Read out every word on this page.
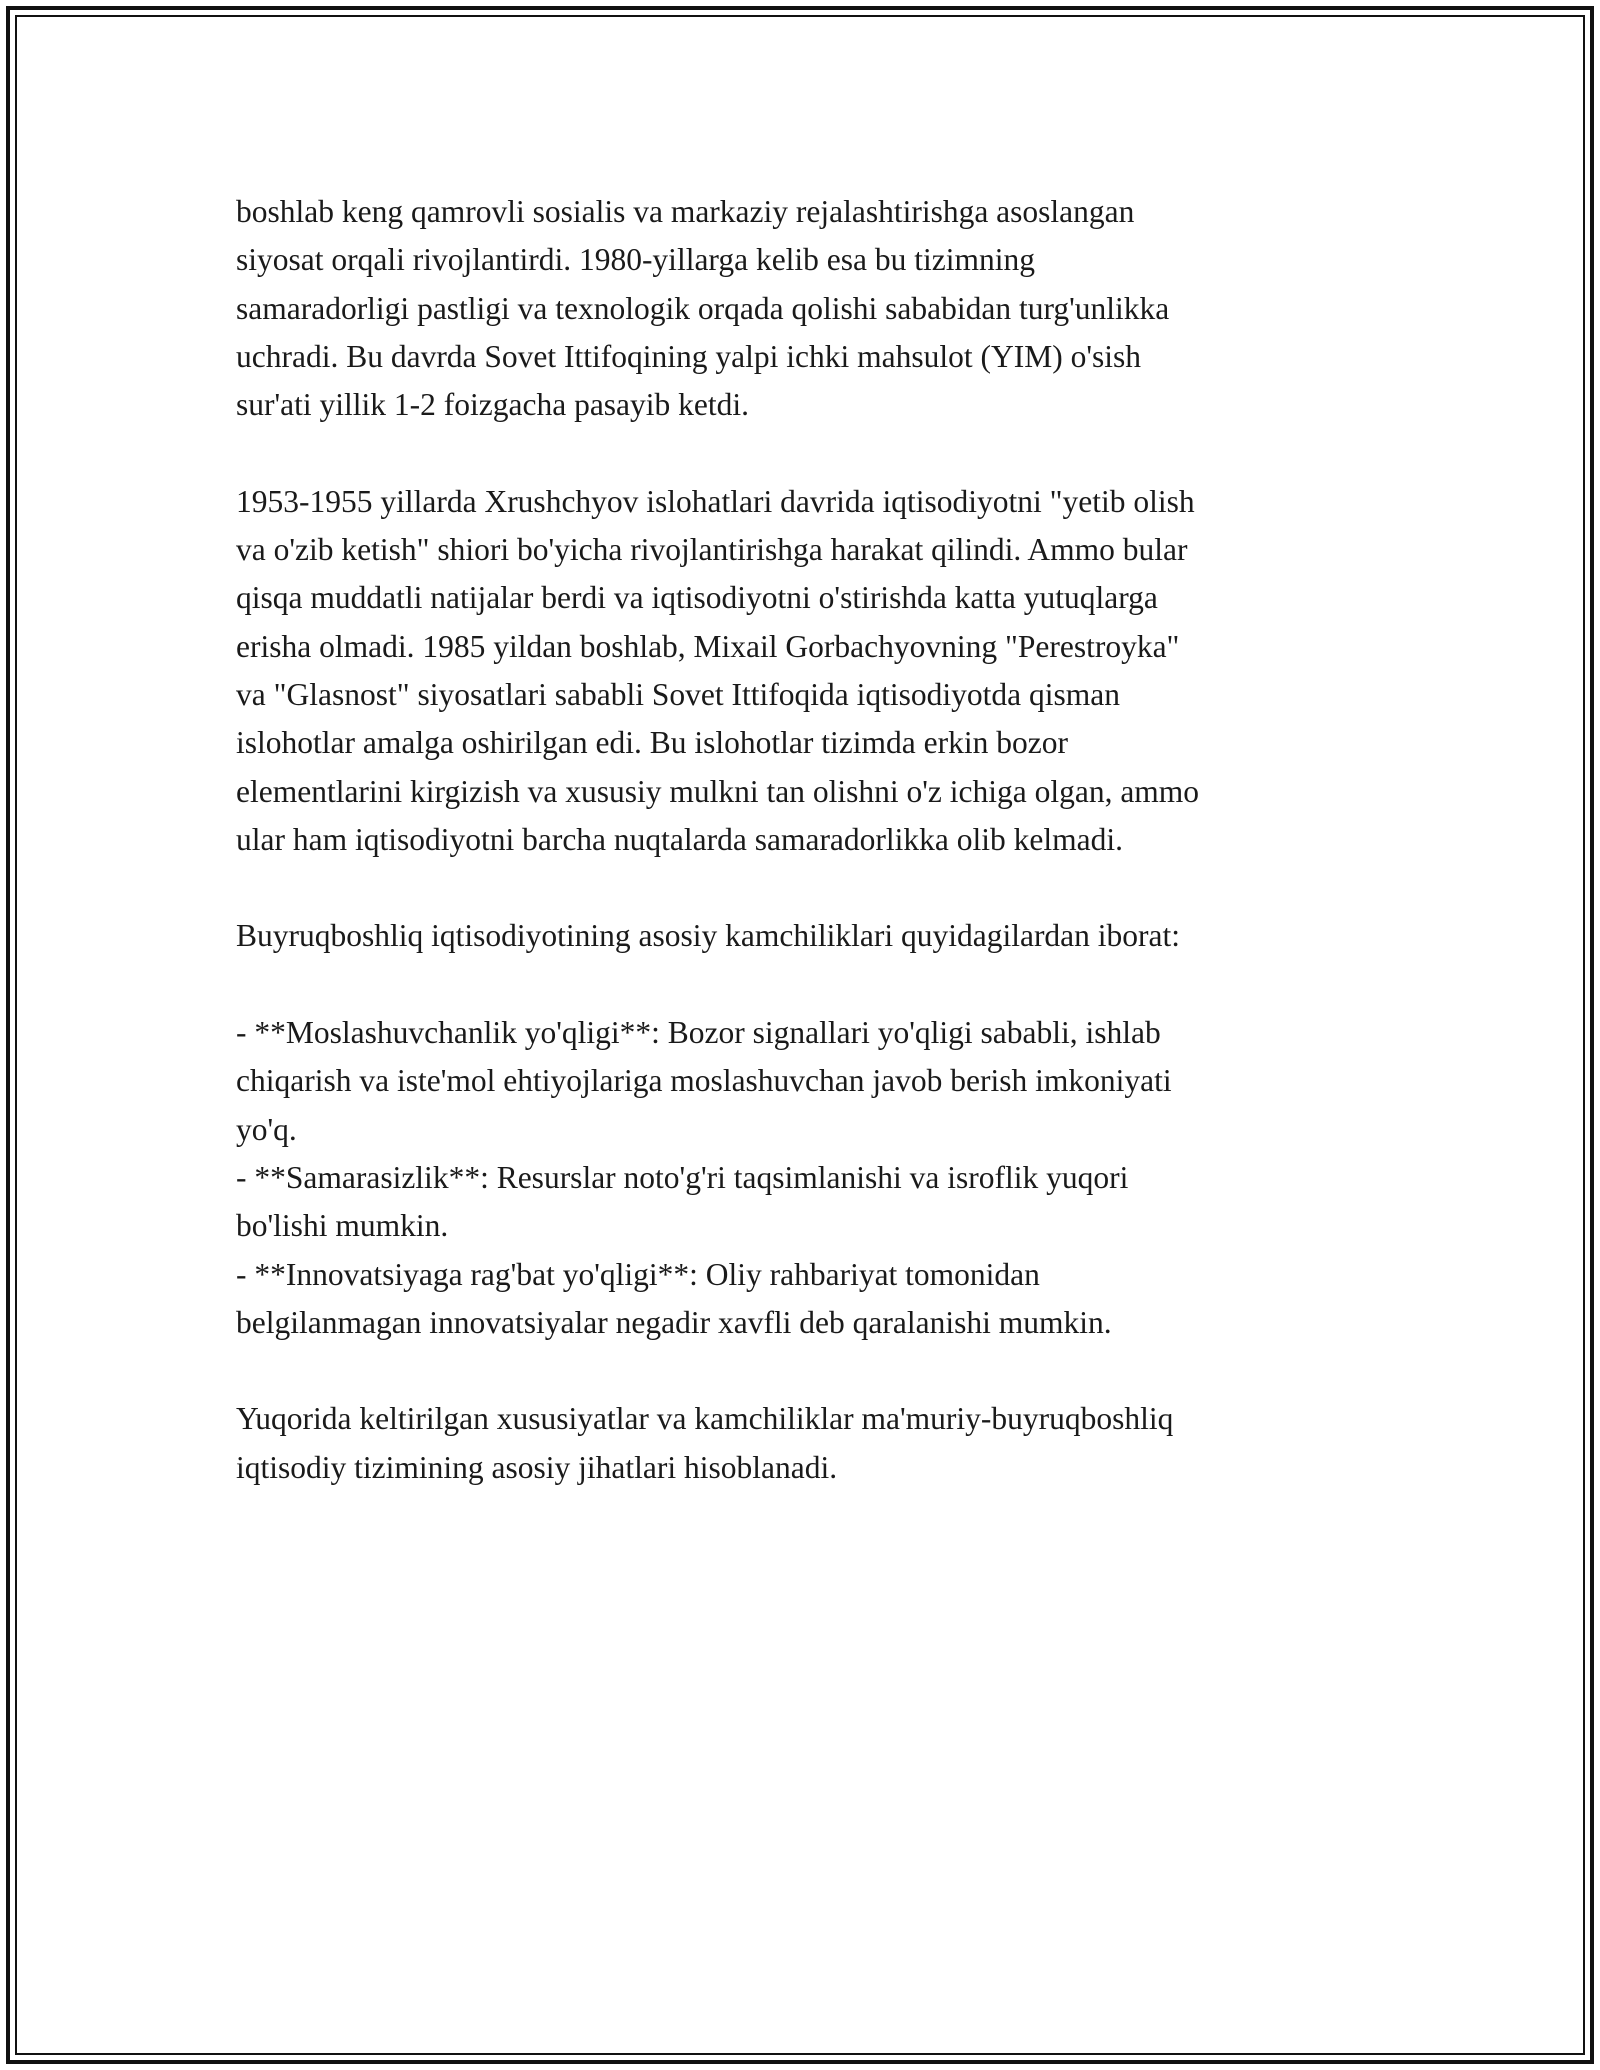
boshlab keng qamrovli sosialis va markaziy rejalashtirishga asoslangan
siyosat orqali rivojlantirdi. 1980-yillarga kelib esa bu tizimning
samaradorligi pastligi va texnologik orqada qolishi sababidan turg'unlikka
uchradi. Bu davrda Sovet Ittifoqining yalpi ichki mahsulot (YIM) o'sish
sur'ati yillik 1-2 foizgacha pasayib ketdi.

1953-1955 yillarda Xrushchyov islohatlari davrida iqtisodiyotni "yetib olish
va o'zib ketish" shiori bo'yicha rivojlantirishga harakat qilindi. Ammo bular
qisqa muddatli natijalar berdi va iqtisodiyotni o'stirishda katta yutuqlarga
erisha olmadi. 1985 yildan boshlab, Mixail Gorbachyovning "Perestroyka"
va "Glasnost" siyosatlari sababli Sovet Ittifoqida iqtisodiyotda qisman
islohotlar amalga oshirilgan edi. Bu islohotlar tizimda erkin bozor
elementlarini kirgizish va xususiy mulkni tan olishni o'z ichiga olgan, ammo
ular ham iqtisodiyotni barcha nuqtalarda samaradorlikka olib kelmadi.

Buyruqboshliq iqtisodiyotining asosiy kamchiliklari quyidagilardan iborat:

- **Moslashuvchanlik yo'qligi**: Bozor signallari yo'qligi sababli, ishlab
chiqarish va iste'mol ehtiyojlariga moslashuvchan javob berish imkoniyati
yo'q.
- **Samarasizlik**: Resurslar noto'g'ri taqsimlanishi va isroflik yuqori
bo'lishi mumkin.
- **Innovatsiyaga rag'bat yo'qligi**: Oliy rahbariyat tomonidan
belgilanmagan innovatsiyalar negadir xavfli deb qaralanishi mumkin.

Yuqorida keltirilgan xususiyatlar va kamchiliklar ma'muriy-buyruqboshliq
iqtisodiy tizimining asosiy jihatlari hisoblanadi.
